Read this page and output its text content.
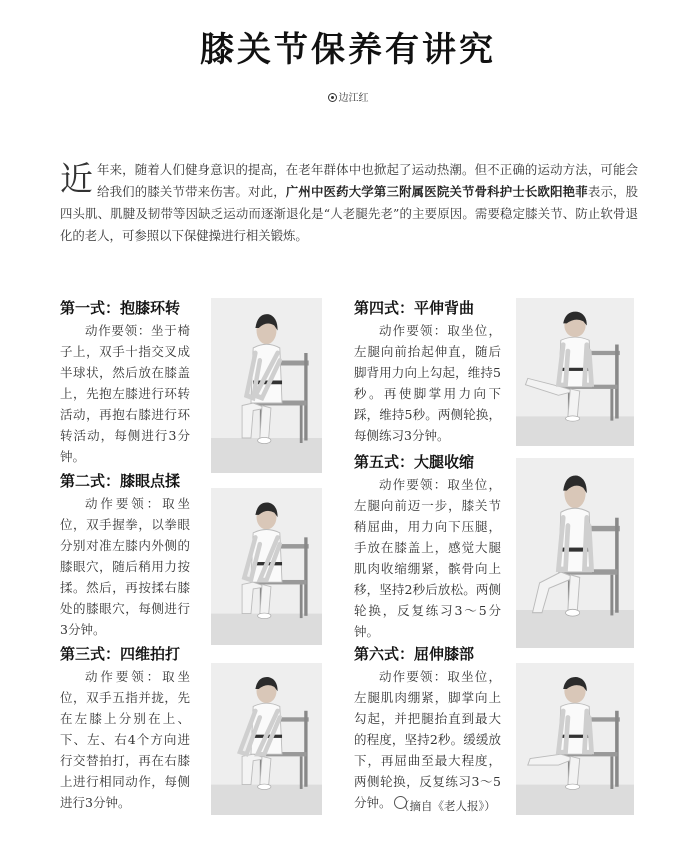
膝关节保养有讲究
边江红
近年来，随着人们健身意识的提高，在老年群体中也掀起了运动热潮。但不正确的运动方法，可能会给我们的膝关节带来伤害。对此，广州中医药大学第三附属医院关节骨科护士长欧阳艳菲表示，股四头肌、肌腱及韧带等因缺乏运动而逐渐退化是“人老腿先老”的主要原因。需要稳定膝关节、防止软骨退化的老人，可参照以下保健操进行相关锻炼。
第一式：抱膝环转
动作要领：坐于椅子上，双手十指交叉成半球状，然后放在膝盖上，先抱左膝进行环转活动，再抱右膝进行环转活动，每侧进行3分钟。
第二式：膝眼点揉
动作要领：取坐位，双手握拳，以拳眼分别对准左膝内外侧的膝眼穴，随后稍用力按揉。然后，再按揉右膝处的膝眼穴，每侧进行3分钟。
第三式：四维拍打
动作要领：取坐位，双手五指并拢，先在左膝上分别在上、下、左、右4个方向进行交替拍打，再在右膝上进行相同动作，每侧进行3分钟。
第四式：平伸背曲
动作要领：取坐位，左腿向前抬起伸直，随后脚背用力向上勾起，维持5秒。再使脚掌用力向下踩，维持5秒。两侧轮换，每侧练习3分钟。
第五式：大腿收缩
动作要领：取坐位，左腿向前迈一步，膝关节稍屈曲，用力向下压腿，手放在膝盖上，感觉大腿肌肉收缩绷紧，髌骨向上移，坚持2秒后放松。两侧轮换，反复练习3～5分钟。
第六式：屈伸膝部
动作要领：取坐位，左腿肌肉绷紧，脚掌向上勾起，并把腿抬直到最大的程度，坚持2秒。缓缓放下，再屈曲至最大程度，两侧轮换，反复练习3～5分钟。 （摘自《老人报》）
